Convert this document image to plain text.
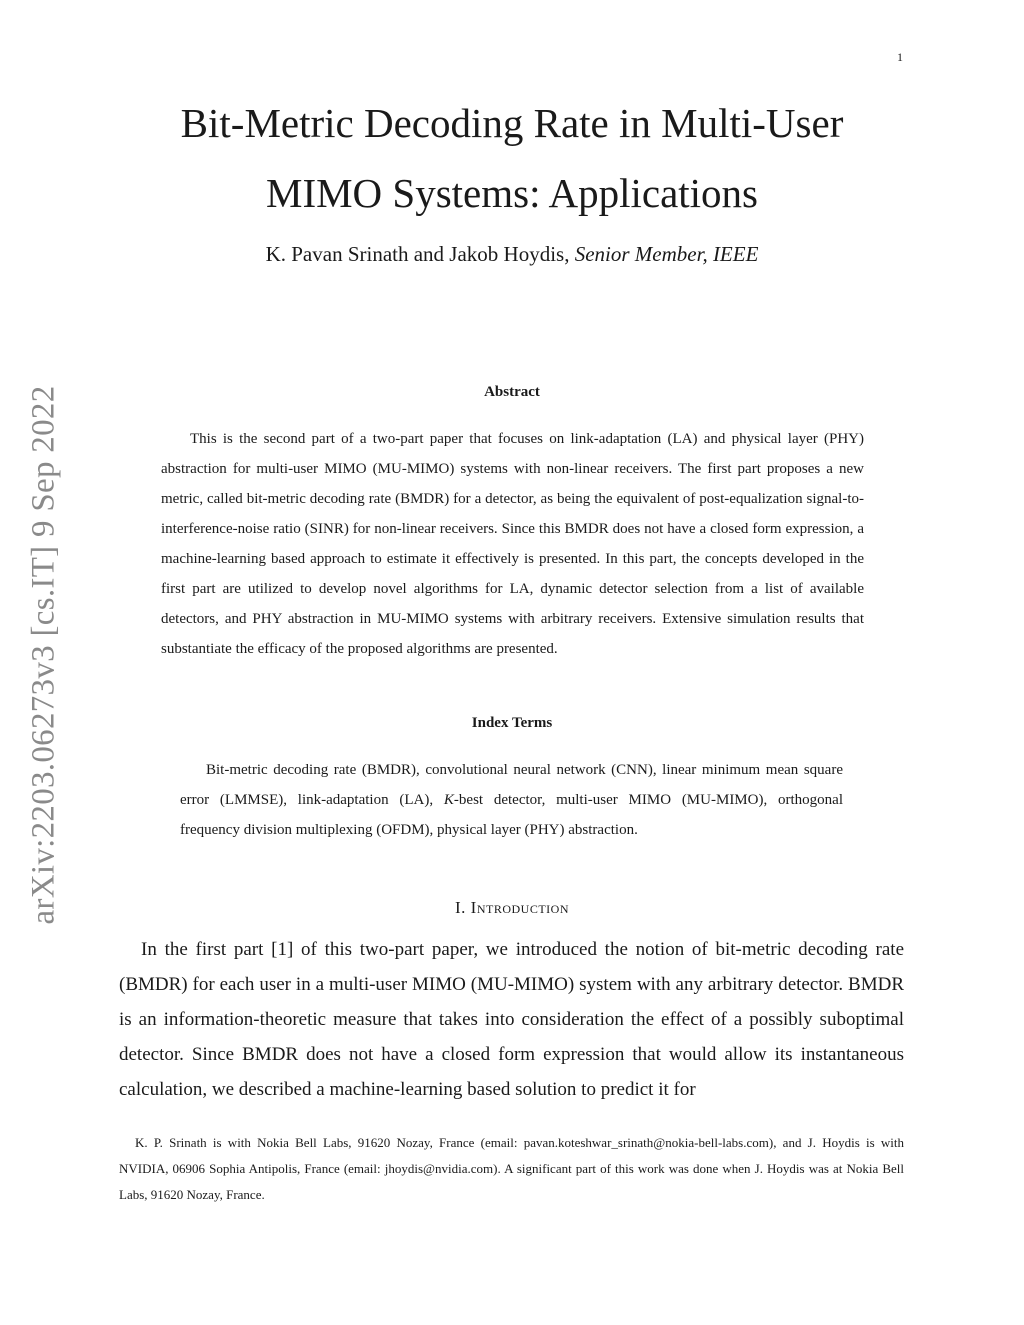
1
arXiv:2203.06273v3 [cs.IT] 9 Sep 2022
Bit-Metric Decoding Rate in Multi-User
MIMO Systems: Applications
K. Pavan Srinath and Jakob Hoydis, Senior Member, IEEE
Abstract

This is the second part of a two-part paper that focuses on link-adaptation (LA) and physical layer (PHY) abstraction for multi-user MIMO (MU-MIMO) systems with non-linear receivers. The first part proposes a new metric, called bit-metric decoding rate (BMDR) for a detector, as being the equivalent of post-equalization signal-to-interference-noise ratio (SINR) for non-linear receivers. Since this BMDR does not have a closed form expression, a machine-learning based approach to estimate it effectively is presented. In this part, the concepts developed in the first part are utilized to develop novel algorithms for LA, dynamic detector selection from a list of available detectors, and PHY abstraction in MU-MIMO systems with arbitrary receivers. Extensive simulation results that substantiate the efficacy of the proposed algorithms are presented.

Index Terms

Bit-metric decoding rate (BMDR), convolutional neural network (CNN), linear minimum mean square error (LMMSE), link-adaptation (LA), K-best detector, multi-user MIMO (MU-MIMO), orthogonal frequency division multiplexing (OFDM), physical layer (PHY) abstraction.

I. Introduction

In the first part [1] of this two-part paper, we introduced the notion of bit-metric decoding rate (BMDR) for each user in a multi-user MIMO (MU-MIMO) system with any arbitrary detector. BMDR is an information-theoretic measure that takes into consideration the effect of a possibly suboptimal detector. Since BMDR does not have a closed form expression that would allow its instantaneous calculation, we described a machine-learning based solution to predict it for

K. P. Srinath is with Nokia Bell Labs, 91620 Nozay, France (email: pavan.koteshwar_srinath@nokia-bell-labs.com), and J. Hoydis is with NVIDIA, 06906 Sophia Antipolis, France (email: jhoydis@nvidia.com). A significant part of this work was done when J. Hoydis was at Nokia Bell Labs, 91620 Nozay, France.
